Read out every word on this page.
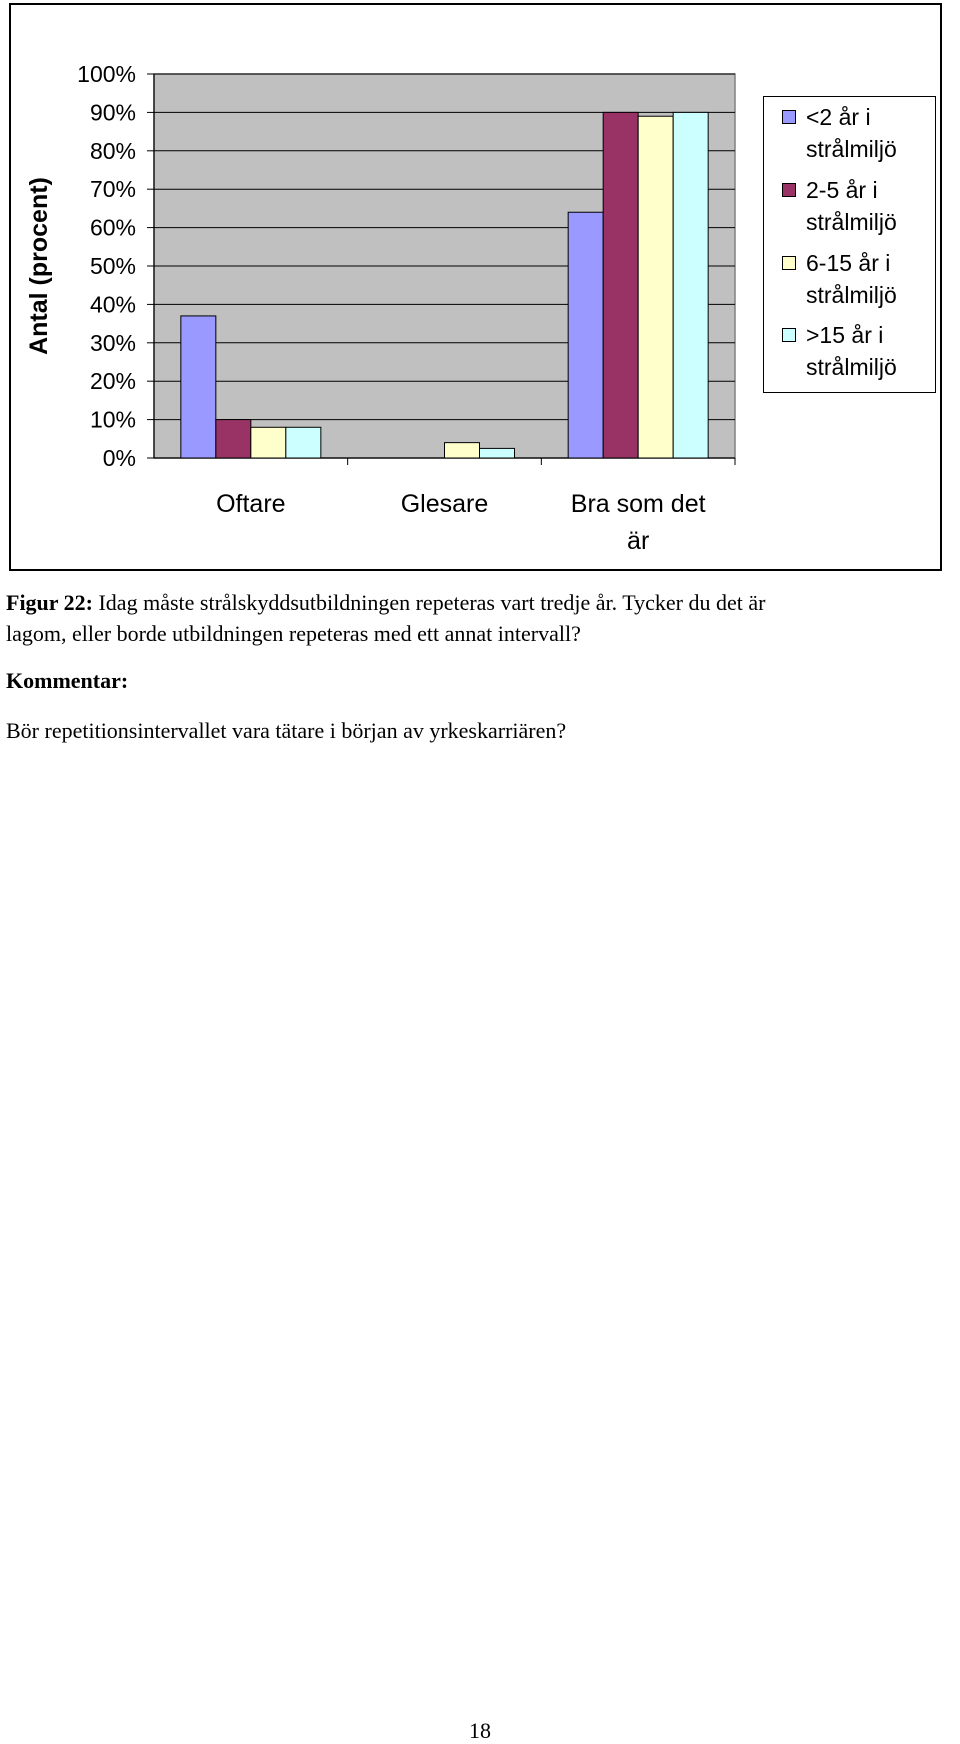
0%
10%
20%
30%
40%
50%
60%
70%
80%
90%
100%
Antal (procent)
Oftare	Glesare	Bra som det
är
<2 år i
strålmiljö
2-5 år i
strålmiljö
6-15 år i
strålmiljö
>15 år i
strålmiljö
Figur 22: Idag måste strålskyddsutbildningen repeteras vart tredje år. Tycker du det är
lagom, eller borde utbildningen repeteras med ett annat intervall?
Kommentar:
Bör repetitionsintervallet vara tätare i början av yrkeskarriären?
18
